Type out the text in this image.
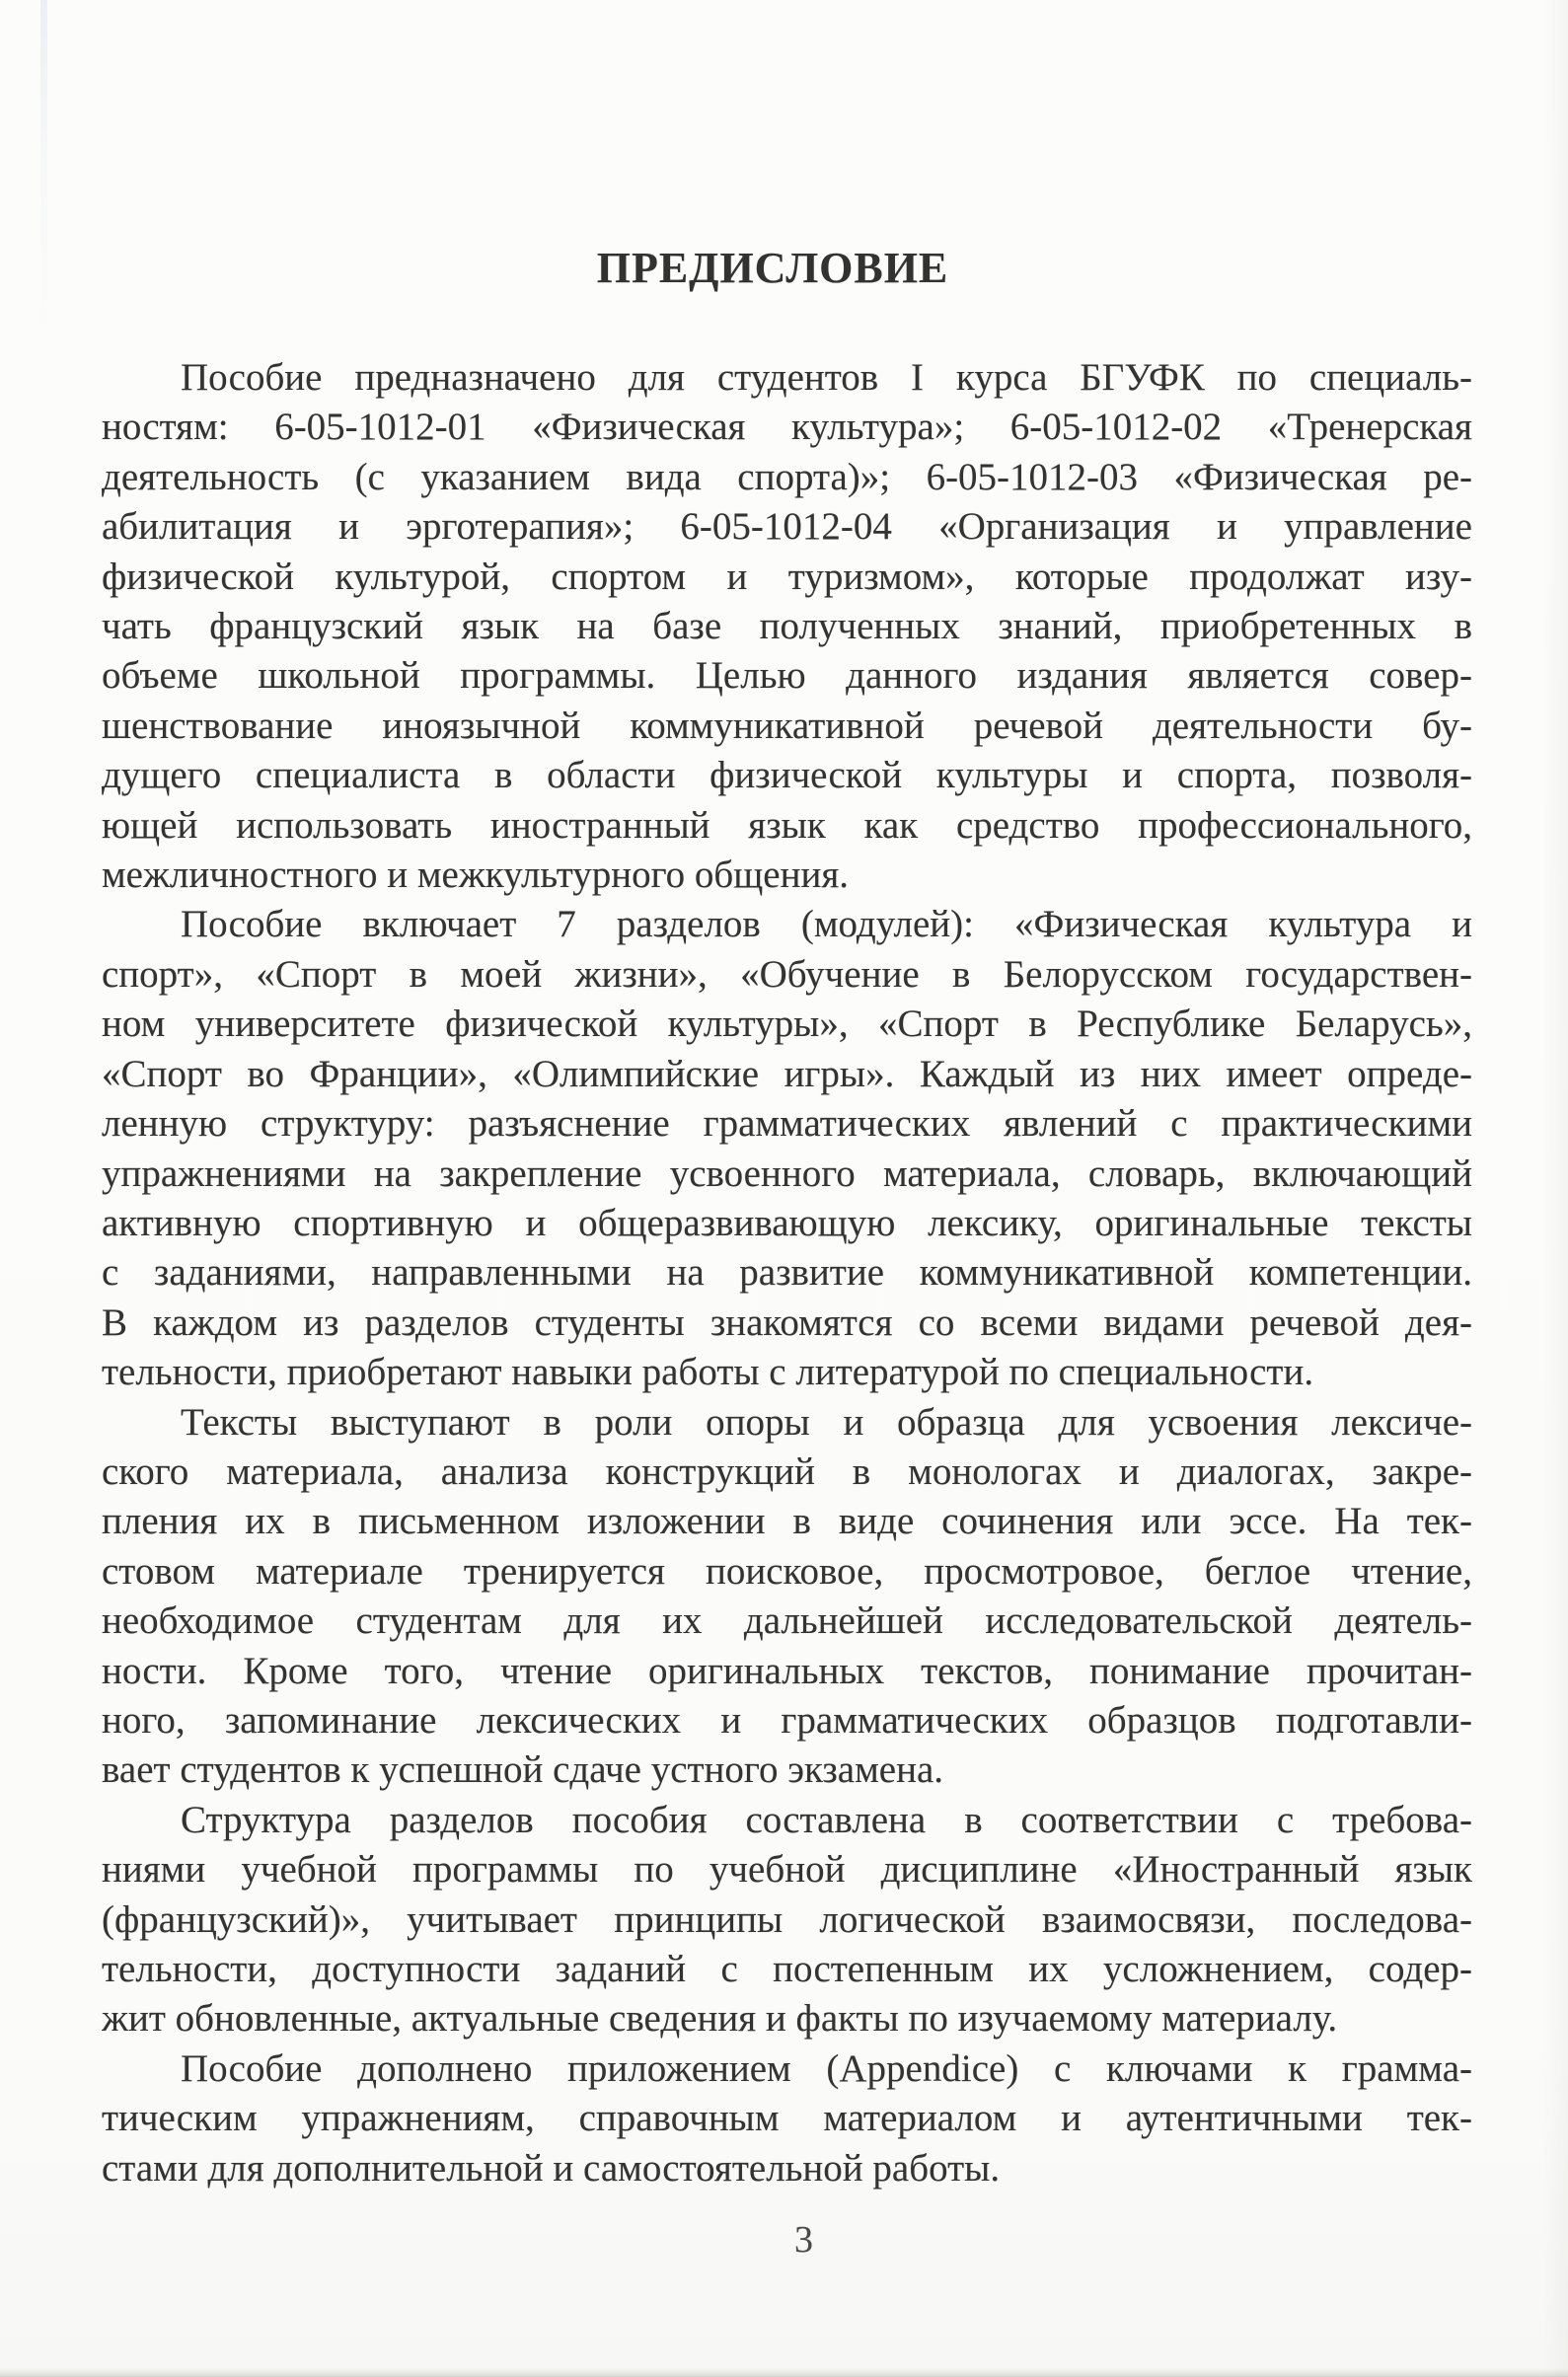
ПРЕДИСЛОВИЕ
Пособие предназначено для студентов I курса БГУФК по специаль-
ностям: 6-05-1012-01 «Физическая культура»; 6-05-1012-02 «Тренерская
деятельность (с указанием вида спорта)»; 6-05-1012-03 «Физическая ре-
абилитация и эрготерапия»; 6-05-1012-04 «Организация и управление
физической культурой, спортом и туризмом», которые продолжат изу-
чать французский язык на базе полученных знаний, приобретенных в
объеме школьной программы. Целью данного издания является совер-
шенствование иноязычной коммуникативной речевой деятельности бу-
дущего специалиста в области физической культуры и спорта, позволя-
ющей использовать иностранный язык как средство профессионального,
межличностного и межкультурного общения.
Пособие включает 7 разделов (модулей): «Физическая культура и
спорт», «Спорт в моей жизни», «Обучение в Белорусском государствен-
ном университете физической культуры», «Спорт в Республике Беларусь»,
«Спорт во Франции», «Олимпийские игры». Каждый из них имеет опреде-
ленную структуру: разъяснение грамматических явлений с практическими
упражнениями на закрепление усвоенного материала, словарь, включающий
активную спортивную и общеразвивающую лексику, оригинальные тексты
с заданиями, направленными на развитие коммуникативной компетенции.
В каждом из разделов студенты знакомятся со всеми видами речевой дея-
тельности, приобретают навыки работы с литературой по специальности.
Тексты выступают в роли опоры и образца для усвоения лексиче-
ского материала, анализа конструкций в монологах и диалогах, закре-
пления их в письменном изложении в виде сочинения или эссе. На тек-
стовом материале тренируется поисковое, просмотровое, беглое чтение,
необходимое студентам для их дальнейшей исследовательской деятель-
ности. Кроме того, чтение оригинальных текстов, понимание прочитан-
ного, запоминание лексических и грамматических образцов подготавли-
вает студентов к успешной сдаче устного экзамена.
Структура разделов пособия составлена в соответствии с требова-
ниями учебной программы по учебной дисциплине «Иностранный язык
(французский)», учитывает принципы логической взаимосвязи, последова-
тельности, доступности заданий с постепенным их усложнением, содер-
жит обновленные, актуальные сведения и факты по изучаемому материалу.
Пособие дополнено приложением (Appendice) с ключами к грамма-
тическим упражнениям, справочным материалом и аутентичными тек-
стами для дополнительной и самостоятельной работы.
3
